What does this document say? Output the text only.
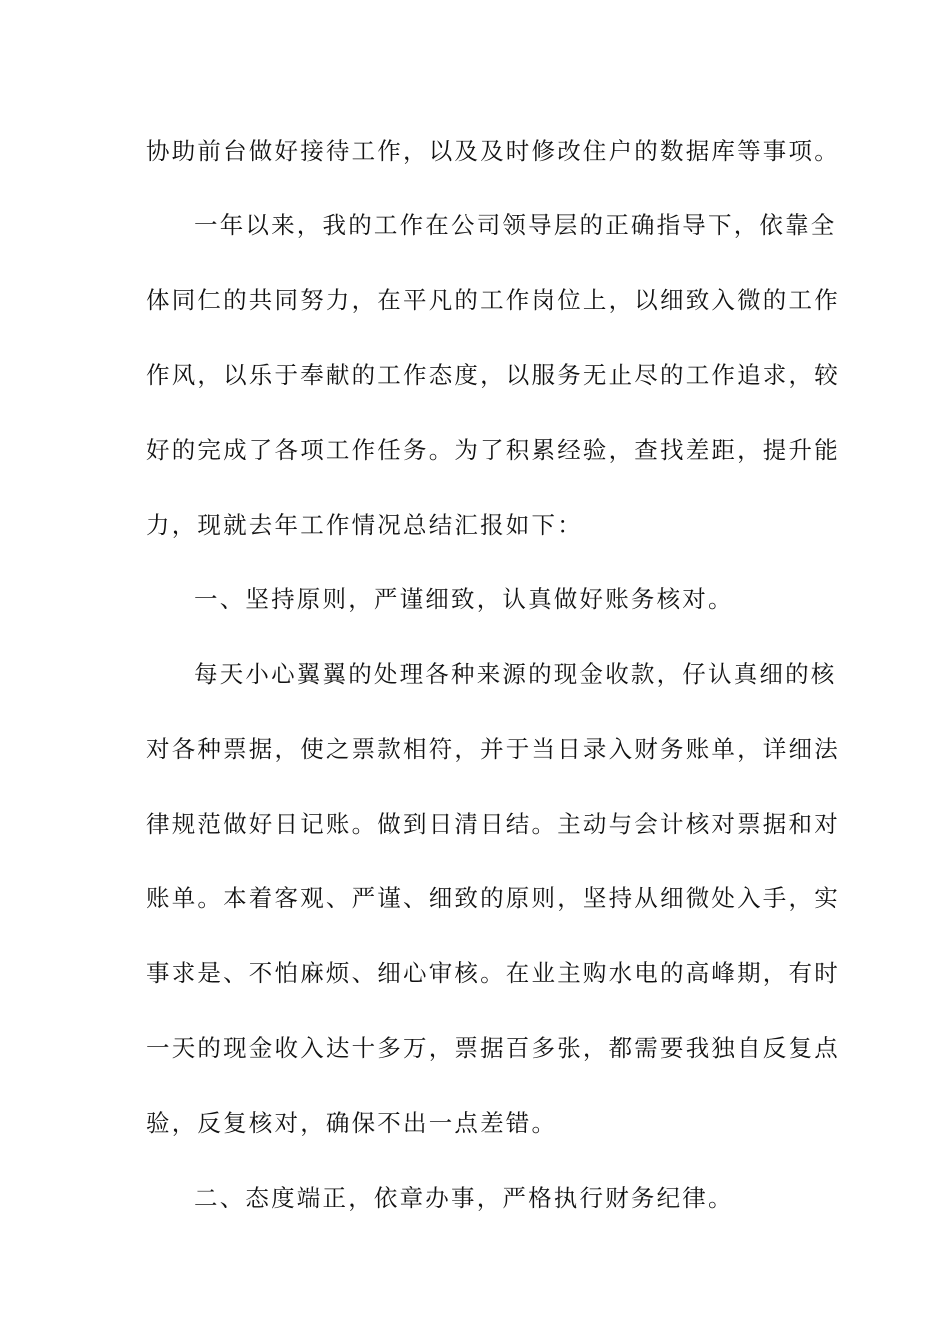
协助前台做好接待工作，以及及时修改住户的数据库等事项。
一年以来，我的工作在公司领导层的正确指导下，依靠全
体同仁的共同努力，在平凡的工作岗位上，以细致入微的工作
作风，以乐于奉献的工作态度，以服务无止尽的工作追求，较
好的完成了各项工作任务。为了积累经验，查找差距，提升能
力，现就去年工作情况总结汇报如下：
一、坚持原则，严谨细致，认真做好账务核对。
每天小心翼翼的处理各种来源的现金收款，仔认真细的核
对各种票据，使之票款相符，并于当日录入财务账单，详细法
律规范做好日记账。做到日清日结。主动与会计核对票据和对
账单。本着客观、严谨、细致的原则，坚持从细微处入手，实
事求是、不怕麻烦、细心审核。在业主购水电的高峰期，有时
一天的现金收入达十多万，票据百多张，都需要我独自反复点
验，反复核对，确保不出一点差错。
二、态度端正，依章办事，严格执行财务纪律。
